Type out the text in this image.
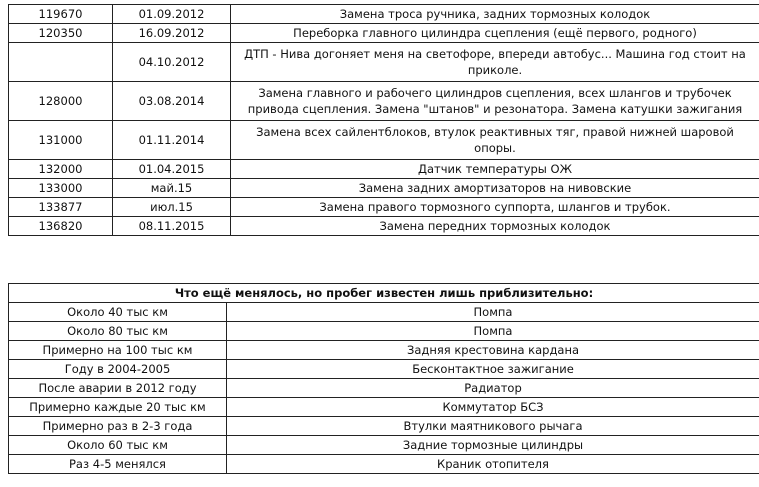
119670	01.09.2012	Замена троса ручника, задних тормозных колодок
120350	16.09.2012	Переборка главного цилиндра сцепления (ещё первого, родного)
	04.10.2012	ДТП - Нива догоняет меня на светофоре, впереди автобус... Машина год стоит на приколе.
128000	03.08.2014	Замена главного и рабочего цилиндров сцепления, всех шлангов и трубочек привода сцепления. Замена "штанов" и резонатора. Замена катушки зажигания
131000	01.11.2014	Замена всех сайлентблоков, втулок реактивных тяг, правой нижней шаровой опоры.
132000	01.04.2015	Датчик температуры ОЖ
133000	май.15	Замена задних амортизаторов на нивовские
133877	июл.15	Замена правого тормозного суппорта, шлангов и трубок.
136820	08.11.2015	Замена передних тормозных колодок
Что ещё менялось, но пробег известен лишь приблизительно:	
Около 40 тыс км	Помпа
Около 80 тыс км	Помпа
Примерно на 100 тыс км	Задняя крестовина кардана
Году в 2004-2005	Бесконтактное зажигание
После аварии в 2012 году	Радиатор
Примерно каждые 20 тыс км	Коммутатор БСЗ
Примерно раз в 2-3 года	Втулки маятникового рычага
Около 60 тыс км	Задние тормозные цилиндры
Раз 4-5 менялся	Краник отопителя
